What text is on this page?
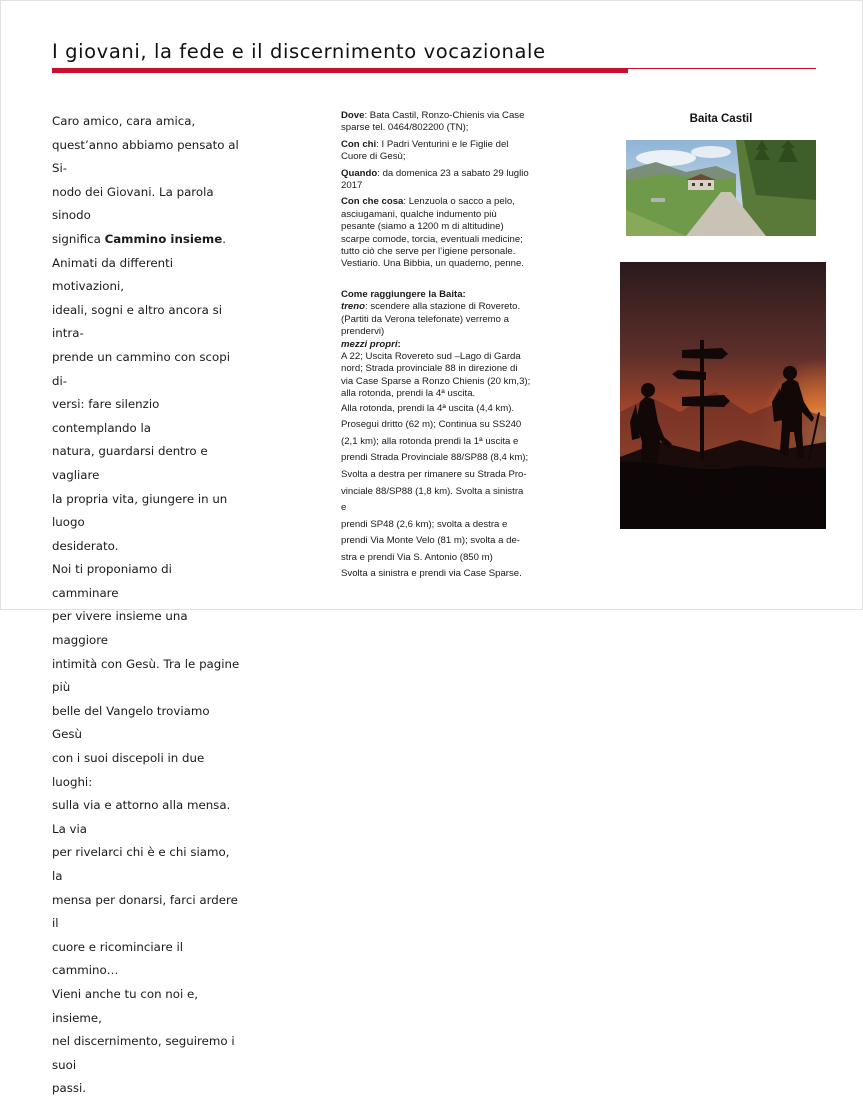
I giovani, la fede e il discernimento vocazionale

Caro amico, cara amica,

quest’anno abbiamo pensato al Si-

nodo dei Giovani. La parola sinodo

significa Cammino insieme.

Animati da differenti motivazioni,

ideali, sogni e altro ancora si intra-

prende un cammino con scopi di-

versi: fare silenzio contemplando la

natura, guardarsi dentro e vagliare

la propria vita, giungere in un luogo

desiderato.

Noi ti proponiamo di camminare

per vivere insieme una maggiore

intimità con Gesù. Tra le pagine più

belle del Vangelo troviamo Gesù

con i suoi discepoli in due luoghi:

sulla via e attorno alla mensa. La via

per rivelarci chi è e chi siamo, la

mensa per donarsi, farci ardere il

cuore e ricominciare il cammino…

Vieni anche tu con noi e, insieme,

nel discernimento, seguiremo i suoi

passi.

Dove: Bata Castil, Ronzo-Chienis via Case sparse tel. 0464/802200 (TN);

Con chi: I Padri Venturini e le Figlie del Cuore di Gesù;

Quando: da domenica 23 a sabato 29 luglio 2017

Con che cosa: Lenzuola o sacco a pelo, asciugamani, qualche indumento più pesante (siamo a 1200 m di altitudine) scarpe comode, torcia, eventuali medicine; tutto ciò che serve per l’igiene personale. Vestiario. Una Bibbia, un quaderno, penne.

Come raggiungere la Baita:

treno: scendere alla stazione di Rovereto. (Partiti da Verona telefonate) verremo a prendervi)

mezzi propri:

A 22; Uscita Rovereto sud –Lago di Garda nord; Strada provinciale 88 in direzione di via Case Sparse a Ronzo Chienis (20 km,3); alla rotonda, prendi la 4ª uscita.

Alla rotonda, prendi la 4ª uscita (4,4 km).
Prosegui dritto (62 m); Continua su SS240
(2,1 km); alla rotonda prendi la 1ª uscita e
prendi Strada Provinciale 88/SP88 (8,4 km);
Svolta a destra per rimanere su Strada Pro-
vinciale 88/SP88 (1,8 km). Svolta a sinistra e
prendi SP48 (2,6 km); svolta a destra e
prendi Via Monte Velo (81 m); svolta a de-
stra e prendi Via S. Antonio (850 m)
Svolta a sinistra e prendi via Case Sparse.
Baita Castil
